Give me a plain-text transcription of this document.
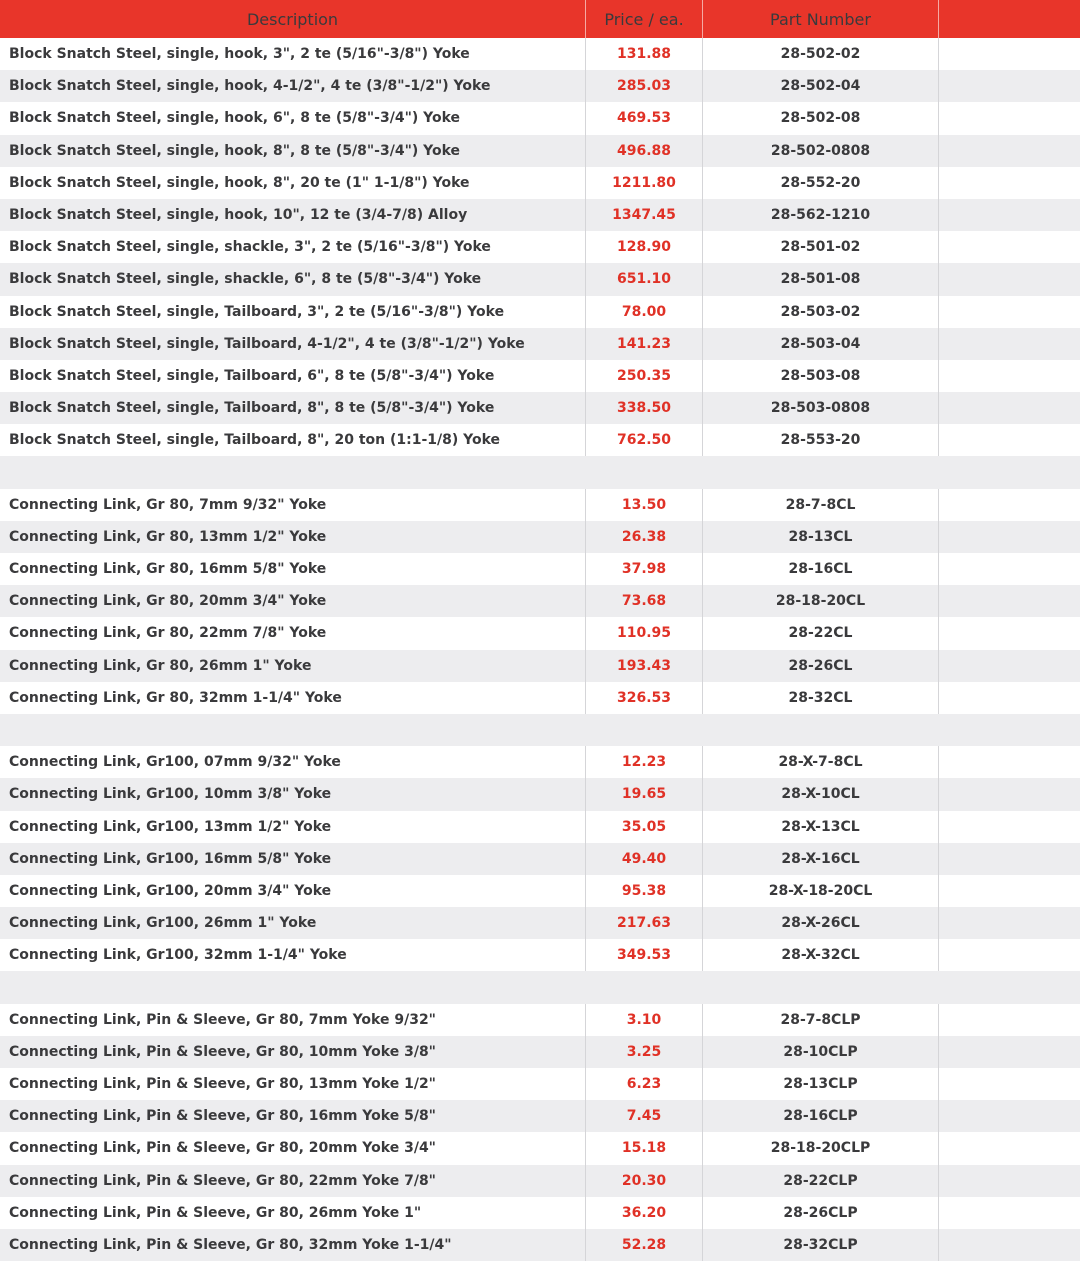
Description	Price / ea.	Part Number
Block Snatch Steel, single, hook, 3", 2 te (5/16"-3/8") Yoke	131.88	28-502-02
Block Snatch Steel, single, hook, 4-1/2", 4 te (3/8"-1/2") Yoke	285.03	28-502-04
Block Snatch Steel, single, hook, 6", 8 te (5/8"-3/4") Yoke	469.53	28-502-08
Block Snatch Steel, single, hook, 8", 8 te (5/8"-3/4") Yoke	496.88	28-502-0808
Block Snatch Steel, single, hook, 8", 20 te (1" 1-1/8") Yoke	1211.80	28-552-20
Block Snatch Steel, single, hook, 10", 12 te (3/4-7/8) Alloy	1347.45	28-562-1210
Block Snatch Steel, single, shackle, 3", 2 te (5/16"-3/8") Yoke	128.90	28-501-02
Block Snatch Steel, single, shackle, 6", 8 te (5/8"-3/4") Yoke	651.10	28-501-08
Block Snatch Steel, single, Tailboard, 3", 2 te (5/16"-3/8") Yoke	78.00	28-503-02
Block Snatch Steel, single, Tailboard, 4-1/2", 4 te (3/8"-1/2") Yoke	141.23	28-503-04
Block Snatch Steel, single, Tailboard, 6", 8 te (5/8"-3/4") Yoke	250.35	28-503-08
Block Snatch Steel, single, Tailboard, 8", 8 te (5/8"-3/4") Yoke	338.50	28-503-0808
Block Snatch Steel, single, Tailboard, 8", 20 ton (1:1-1/8) Yoke	762.50	28-553-20
Connecting Link, Gr 80, 7mm 9/32" Yoke	13.50	28-7-8CL
Connecting Link, Gr 80, 13mm 1/2" Yoke	26.38	28-13CL
Connecting Link, Gr 80, 16mm 5/8" Yoke	37.98	28-16CL
Connecting Link, Gr 80, 20mm 3/4" Yoke	73.68	28-18-20CL
Connecting Link, Gr 80, 22mm 7/8" Yoke	110.95	28-22CL
Connecting Link, Gr 80, 26mm 1" Yoke	193.43	28-26CL
Connecting Link, Gr 80, 32mm 1-1/4" Yoke	326.53	28-32CL
Connecting Link, Gr100, 07mm 9/32" Yoke	12.23	28-X-7-8CL
Connecting Link, Gr100, 10mm 3/8" Yoke	19.65	28-X-10CL
Connecting Link, Gr100, 13mm 1/2" Yoke	35.05	28-X-13CL
Connecting Link, Gr100, 16mm 5/8" Yoke	49.40	28-X-16CL
Connecting Link, Gr100, 20mm 3/4" Yoke	95.38	28-X-18-20CL
Connecting Link, Gr100, 26mm 1" Yoke	217.63	28-X-26CL
Connecting Link, Gr100, 32mm 1-1/4" Yoke	349.53	28-X-32CL
Connecting Link, Pin & Sleeve, Gr 80, 7mm Yoke 9/32"	3.10	28-7-8CLP
Connecting Link, Pin & Sleeve, Gr 80, 10mm Yoke 3/8"	3.25	28-10CLP
Connecting Link, Pin & Sleeve, Gr 80, 13mm Yoke 1/2"	6.23	28-13CLP
Connecting Link, Pin & Sleeve, Gr 80, 16mm Yoke 5/8"	7.45	28-16CLP
Connecting Link, Pin & Sleeve, Gr 80, 20mm Yoke 3/4"	15.18	28-18-20CLP
Connecting Link, Pin & Sleeve, Gr 80, 22mm Yoke 7/8"	20.30	28-22CLP
Connecting Link, Pin & Sleeve, Gr 80, 26mm Yoke 1"	36.20	28-26CLP
Connecting Link, Pin & Sleeve, Gr 80, 32mm Yoke 1-1/4"	52.28	28-32CLP
